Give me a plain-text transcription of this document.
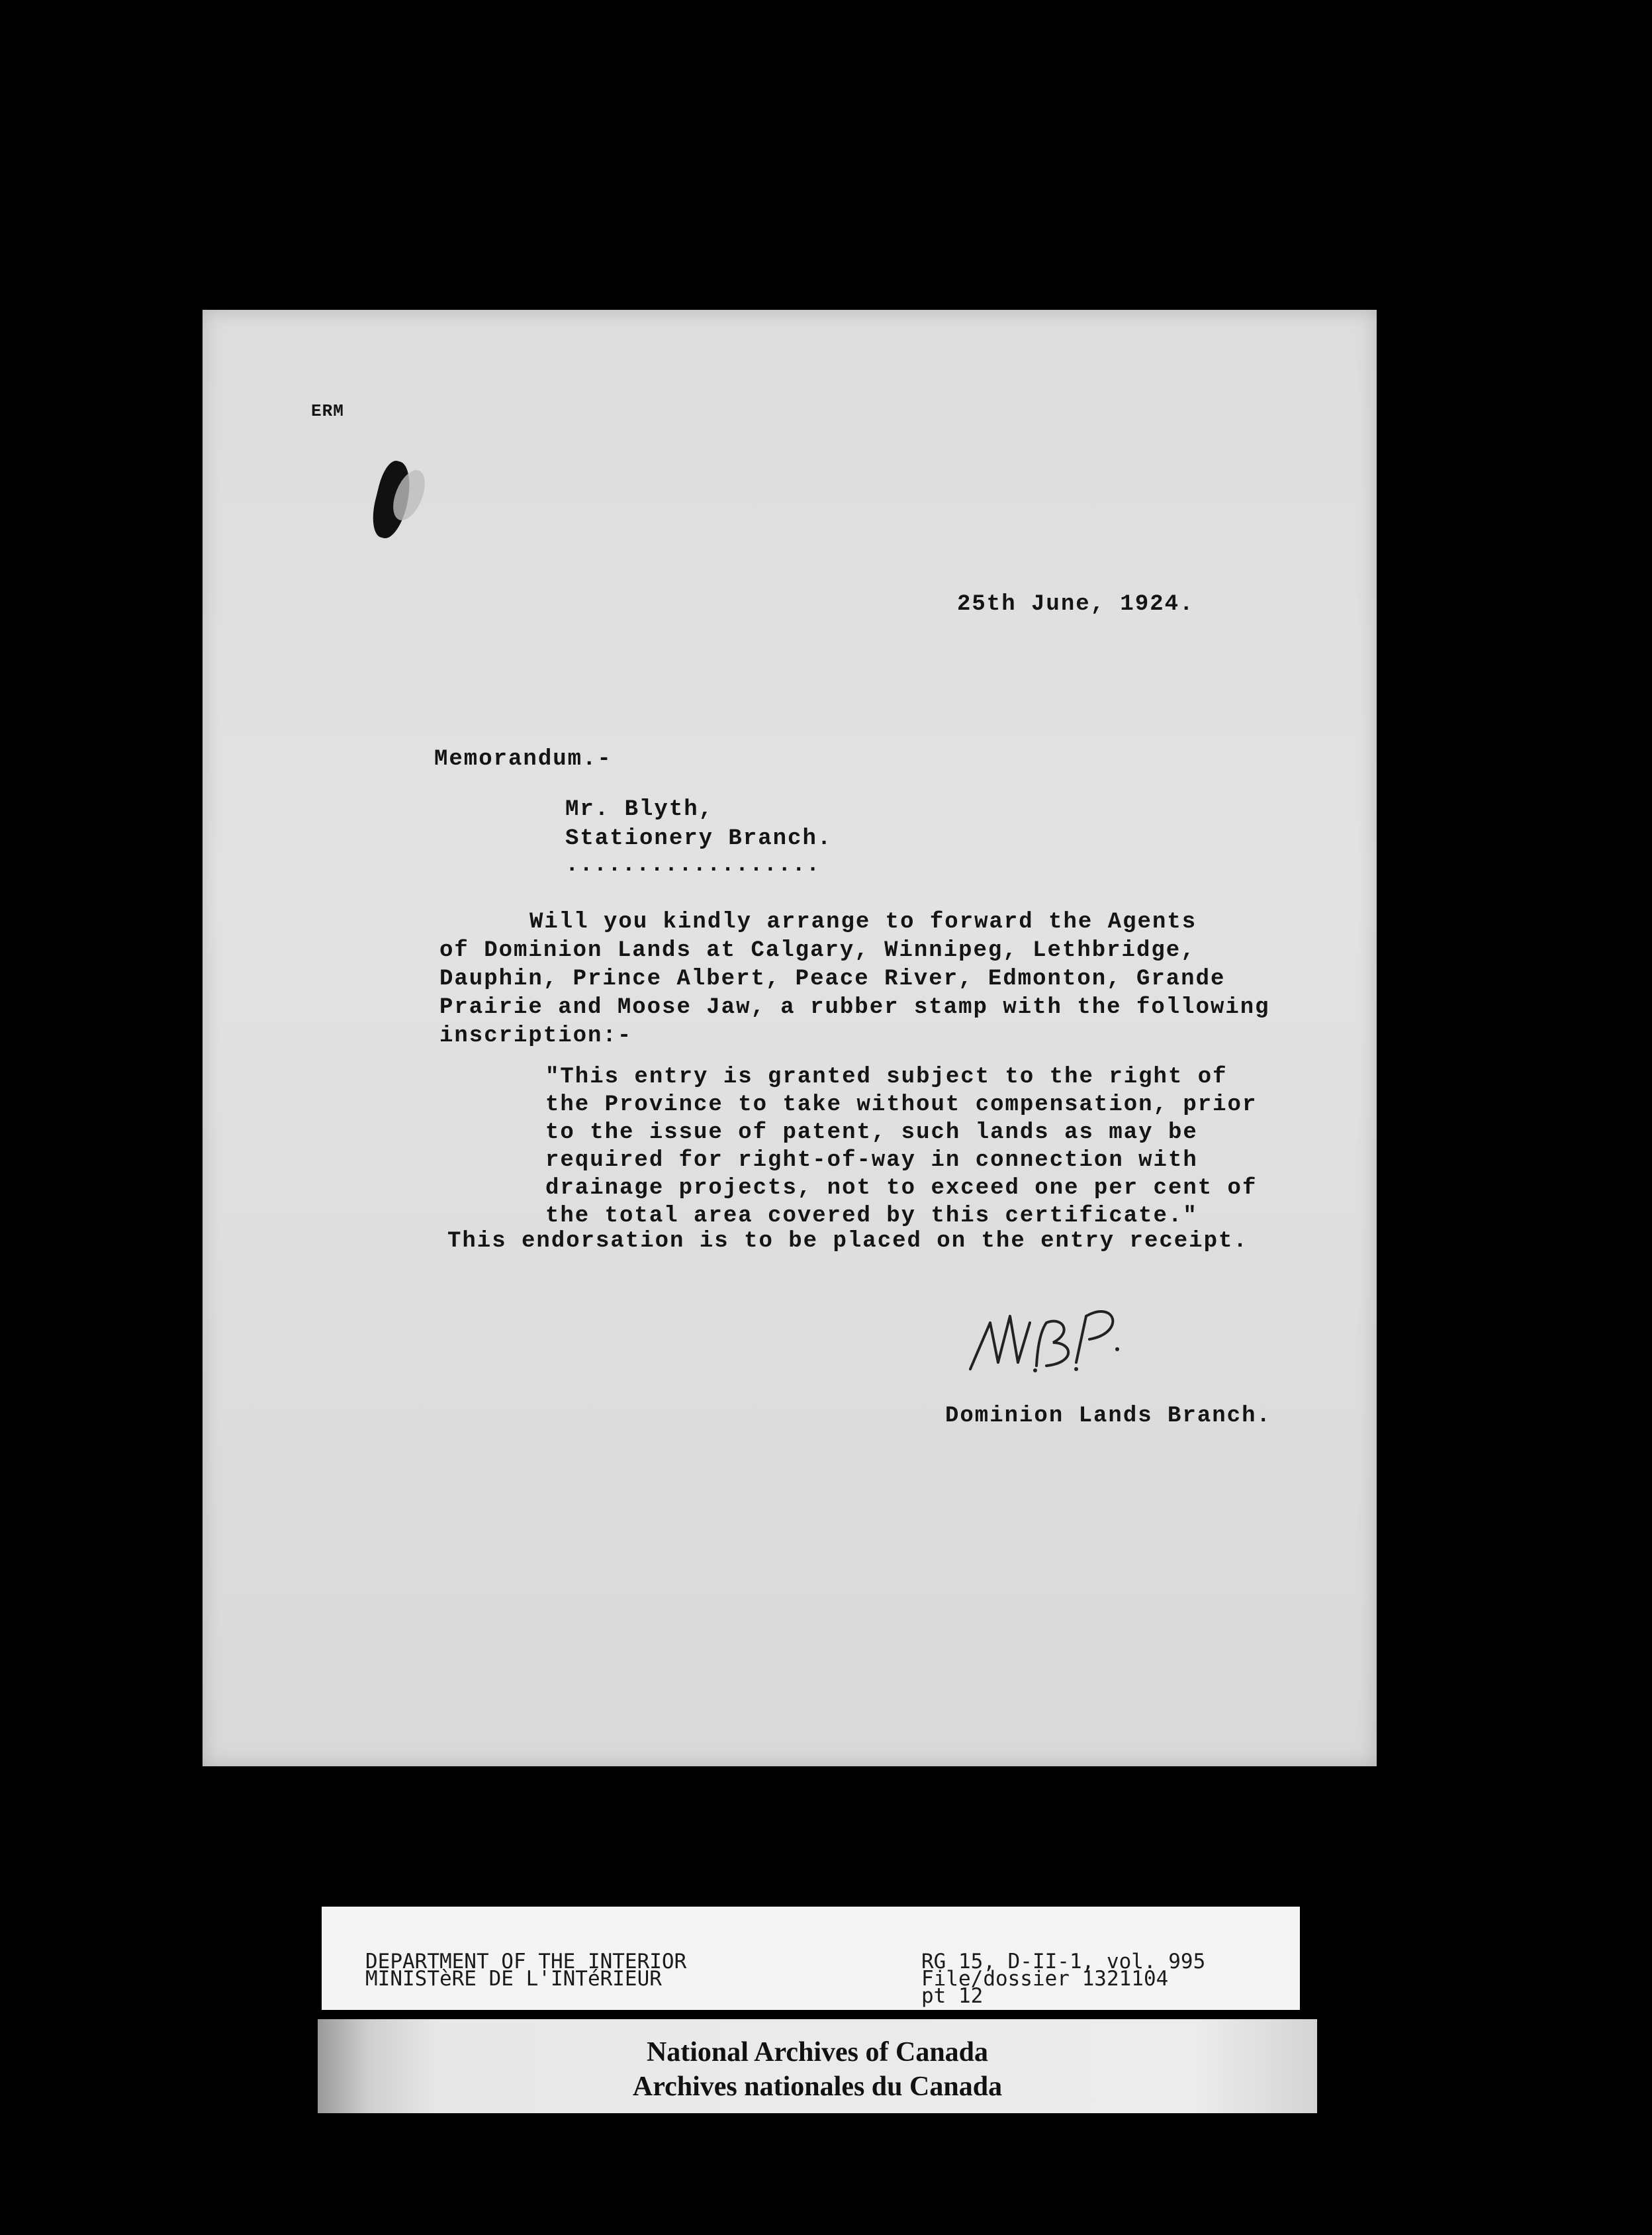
ERM
25th June, 1924.
Memorandum.-
Mr. Blyth,
Stationery Branch.
..................
Will you kindly arrange to forward the Agents
of Dominion Lands at Calgary, Winnipeg, Lethbridge,
Dauphin, Prince Albert, Peace River, Edmonton, Grande
Prairie and Moose Jaw, a rubber stamp with the following
inscription:-
"This entry is granted subject to the right of
the Province to take without compensation, prior
to the issue of patent, such lands as may be
required for right-of-way in connection with
drainage projects, not to exceed one per cent of
the total area covered by this certificate."
This endorsation is to be placed on the entry receipt.
Dominion Lands Branch.
DEPARTMENT OF THE INTERIOR
MINISTèRE DE L'INTéRIEUR
RG 15, D-II-1, vol. 995
File/dossier 1321104
pt 12
National Archives of Canada
Archives nationales du Canada
